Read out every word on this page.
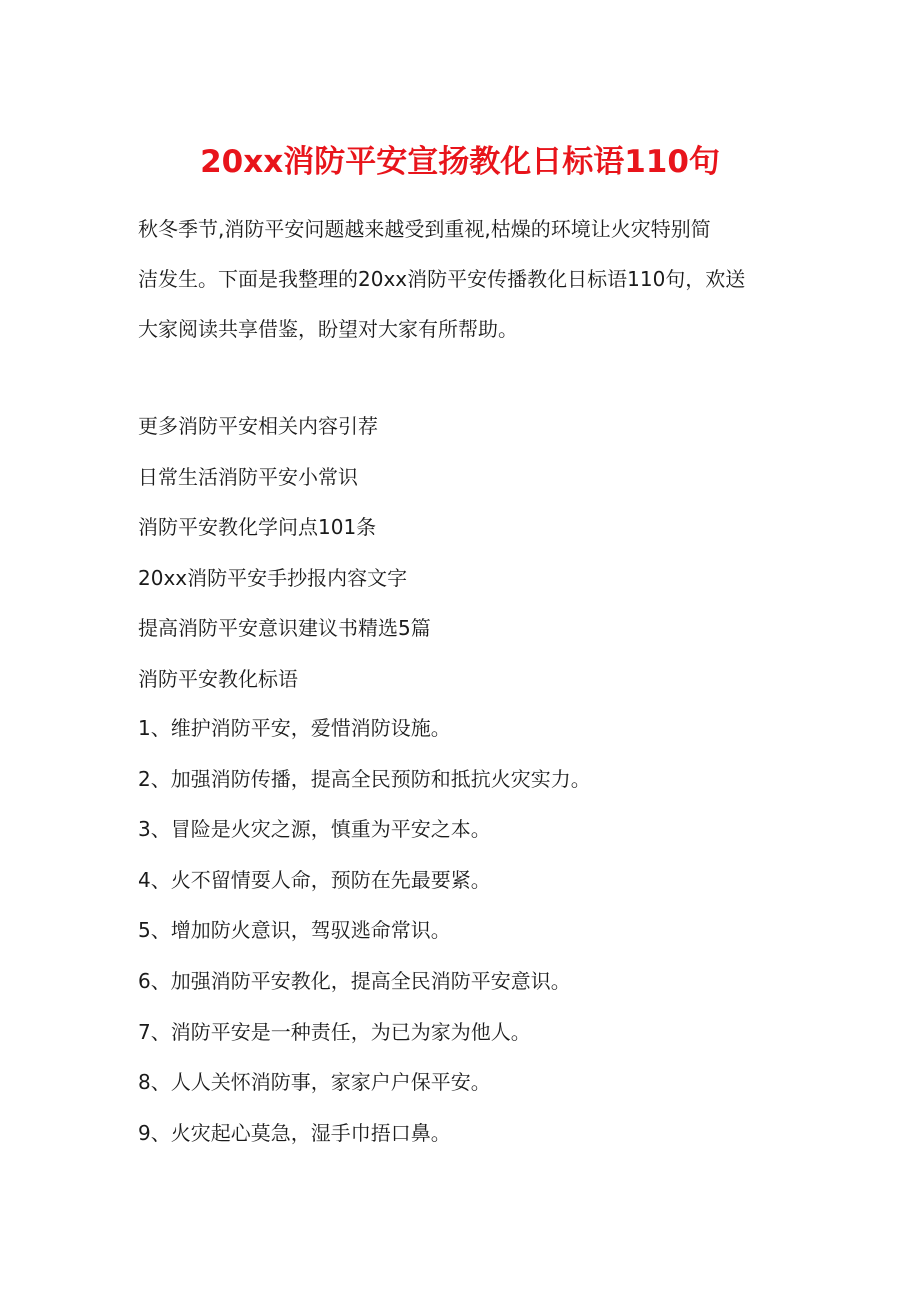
20xx消防平安宣扬教化日标语110句

秋冬季节,消防平安问题越来越受到重视,枯燥的环境让火灾特别简
洁发生。下面是我整理的20xx消防平安传播教化日标语110句，欢送
大家阅读共享借鉴，盼望对大家有所帮助。

更多消防平安相关内容引荐
日常生活消防平安小常识
消防平安教化学问点101条
20xx消防平安手抄报内容文字
提高消防平安意识建议书精选5篇
消防平安教化标语
1、维护消防平安，爱惜消防设施。
2、加强消防传播，提高全民预防和抵抗火灾实力。
3、冒险是火灾之源，慎重为平安之本。
4、火不留情耍人命，预防在先最要紧。
5、增加防火意识，驾驭逃命常识。
6、加强消防平安教化，提高全民消防平安意识。
7、消防平安是一种责任，为已为家为他人。
8、人人关怀消防事，家家户户保平安。
9、火灾起心莫急，湿手巾捂口鼻。
